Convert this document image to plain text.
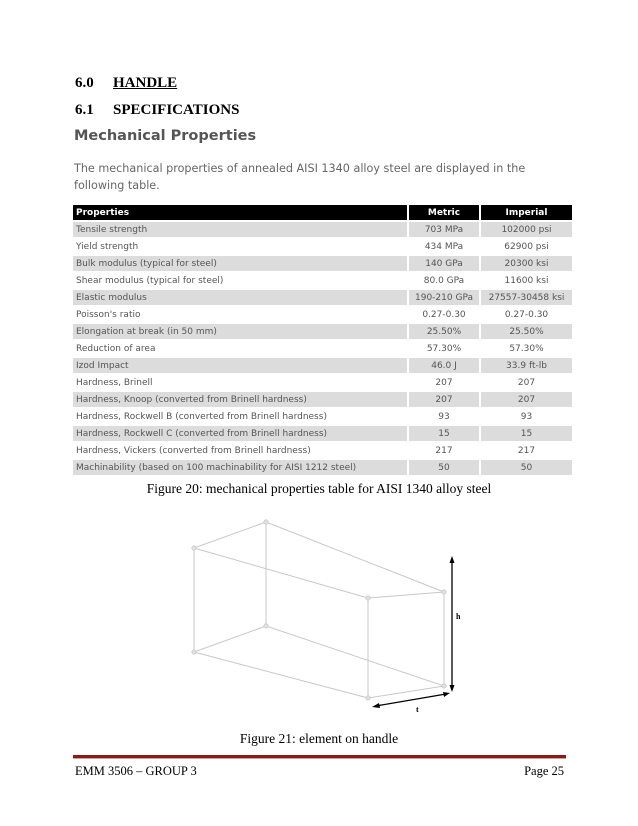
6.0 HANDLE
6.1 SPECIFICATIONS
Mechanical Properties
The mechanical properties of annealed AISI 1340 alloy steel are displayed in the following table.
Properties	Metric	Imperial
Tensile strength	703 MPa	102000 psi
Yield strength	434 MPa	62900 psi
Bulk modulus (typical for steel)	140 GPa	20300 ksi
Shear modulus (typical for steel)	80.0 GPa	11600 ksi
Elastic modulus	190-210 GPa	27557-30458 ksi
Poisson's ratio	0.27-0.30	0.27-0.30
Elongation at break (in 50 mm)	25.50%	25.50%
Reduction of area	57.30%	57.30%
Izod Impact	46.0 J	33.9 ft-lb
Hardness, Brinell	207	207
Hardness, Knoop (converted from Brinell hardness)	207	207
Hardness, Rockwell B (converted from Brinell hardness)	93	93
Hardness, Rockwell C (converted from Brinell hardness)	15	15
Hardness, Vickers (converted from Brinell hardness)	217	217
Machinability (based on 100 machinability for AISI 1212 steel)	50	50
Figure 20: mechanical properties table for AISI 1340 alloy steel
h
t
Figure 21: element on handle
EMM 3506 – GROUP 3	Page 25
